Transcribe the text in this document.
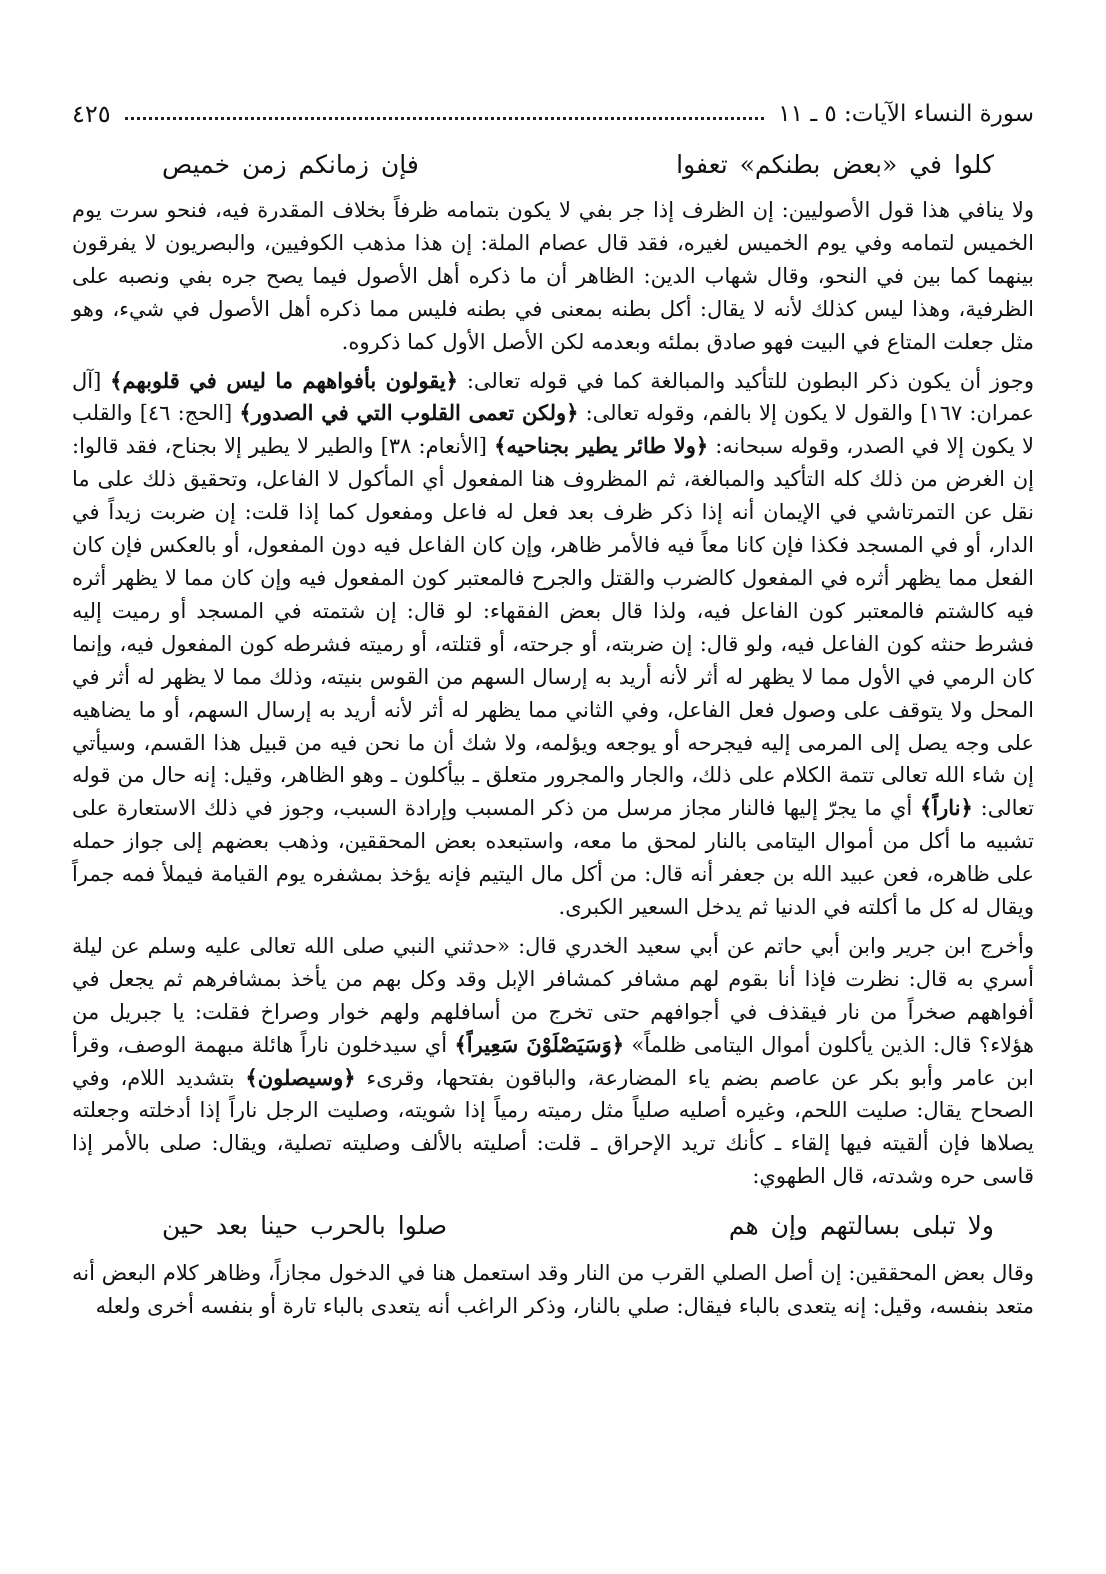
سورة النساء الآيات: ٥ ـ ١١
٤٢٥
كلوا في «بعض بطنكم» تعفوا
فإن زمانكم زمن خميص

ولا ينافي هذا قول الأصوليين: إن الظرف إذا جر بفي لا يكون بتمامه ظرفاً بخلاف المقدرة فيه، فنحو سرت يوم الخميس لتمامه وفي يوم الخميس لغيره، فقد قال عصام الملة: إن هذا مذهب الكوفيين، والبصريون لا يفرقون بينهما كما بين في النحو، وقال شهاب الدين: الظاهر أن ما ذكره أهل الأصول فيما يصح جره بفي ونصبه على الظرفية، وهذا ليس كذلك لأنه لا يقال: أكل بطنه بمعنى في بطنه فليس مما ذكره أهل الأصول في شيء، وهو مثل جعلت المتاع في البيت فهو صادق بملئه وبعدمه لكن الأصل الأول كما ذكروه.

وجوز أن يكون ذكر البطون للتأكيد والمبالغة كما في قوله تعالى: ﴿يقولون بأفواههم ما ليس في قلوبهم﴾ [آل عمران: ١٦٧] والقول لا يكون إلا بالفم، وقوله تعالى: ﴿ولكن تعمى القلوب التي في الصدور﴾ [الحج: ٤٦] والقلب لا يكون إلا في الصدر، وقوله سبحانه: ﴿ولا طائر يطير بجناحيه﴾ [الأنعام: ٣٨] والطير لا يطير إلا بجناح، فقد قالوا: إن الغرض من ذلك كله التأكيد والمبالغة، ثم المظروف هنا المفعول أي المأكول لا الفاعل، وتحقيق ذلك على ما نقل عن التمرتاشي في الإيمان أنه إذا ذكر ظرف بعد فعل له فاعل ومفعول كما إذا قلت: إن ضربت زيداً في الدار، أو في المسجد فكذا فإن كانا معاً فيه فالأمر ظاهر، وإن كان الفاعل فيه دون المفعول، أو بالعكس فإن كان الفعل مما يظهر أثره في المفعول كالضرب والقتل والجرح فالمعتبر كون المفعول فيه وإن كان مما لا يظهر أثره فيه كالشتم فالمعتبر كون الفاعل فيه، ولذا قال بعض الفقهاء: لو قال: إن شتمته في المسجد أو رميت إليه فشرط حنثه كون الفاعل فيه، ولو قال: إن ضربته، أو جرحته، أو قتلته، أو رميته فشرطه كون المفعول فيه، وإنما كان الرمي في الأول مما لا يظهر له أثر لأنه أريد به إرسال السهم من القوس بنيته، وذلك مما لا يظهر له أثر في المحل ولا يتوقف على وصول فعل الفاعل، وفي الثاني مما يظهر له أثر لأنه أريد به إرسال السهم، أو ما يضاهيه على وجه يصل إلى المرمى إليه فيجرحه أو يوجعه ويؤلمه، ولا شك أن ما نحن فيه من قبيل هذا القسم، وسيأتي إن شاء الله تعالى تتمة الكلام على ذلك، والجار والمجرور متعلق ـ بيأكلون ـ وهو الظاهر، وقيل: إنه حال من قوله تعالى: ﴿ناراً﴾ أي ما يجرّ إليها فالنار مجاز مرسل من ذكر المسبب وإرادة السبب، وجوز في ذلك الاستعارة على تشبيه ما أكل من أموال اليتامى بالنار لمحق ما معه، واستبعده بعض المحققين، وذهب بعضهم إلى جواز حمله على ظاهره، فعن عبيد الله بن جعفر أنه قال: من أكل مال اليتيم فإنه يؤخذ بمشفره يوم القيامة فيملأ فمه جمراً ويقال له كل ما أكلته في الدنيا ثم يدخل السعير الكبرى.

وأخرج ابن جرير وابن أبي حاتم عن أبي سعيد الخدري قال: «حدثني النبي صلى الله تعالى عليه وسلم عن ليلة أسري به قال: نظرت فإذا أنا بقوم لهم مشافر كمشافر الإبل وقد وكل بهم من يأخذ بمشافرهم ثم يجعل في أفواههم صخراً من نار فيقذف في أجوافهم حتى تخرج من أسافلهم ولهم خوار وصراخ فقلت: يا جبريل من هؤلاء؟ قال: الذين يأكلون أموال اليتامى ظلماً» ﴿وَسَيَصْلَوْنَ سَعِيراً﴾ أي سيدخلون ناراً هائلة مبهمة الوصف، وقرأ ابن عامر وأبو بكر عن عاصم بضم ياء المضارعة، والباقون بفتحها، وقرىء ﴿وسيصلون﴾ بتشديد اللام، وفي الصحاح يقال: صليت اللحم، وغيره أصليه صلياً مثل رميته رمياً إذا شويته، وصليت الرجل ناراً إذا أدخلته وجعلته يصلاها فإن ألقيته فيها إلقاء ـ كأنك تريد الإحراق ـ قلت: أصليته بالألف وصليته تصلية، ويقال: صلى بالأمر إذا قاسى حره وشدته، قال الطهوي:

ولا تبلى بسالتهم وإن هم
صلوا بالحرب حينا بعد حين

وقال بعض المحققين: إن أصل الصلي القرب من النار وقد استعمل هنا في الدخول مجازاً، وظاهر كلام البعض أنه متعد بنفسه، وقيل: إنه يتعدى بالباء فيقال: صلي بالنار، وذكر الراغب أنه يتعدى بالباء تارة أو بنفسه أخرى ولعله
